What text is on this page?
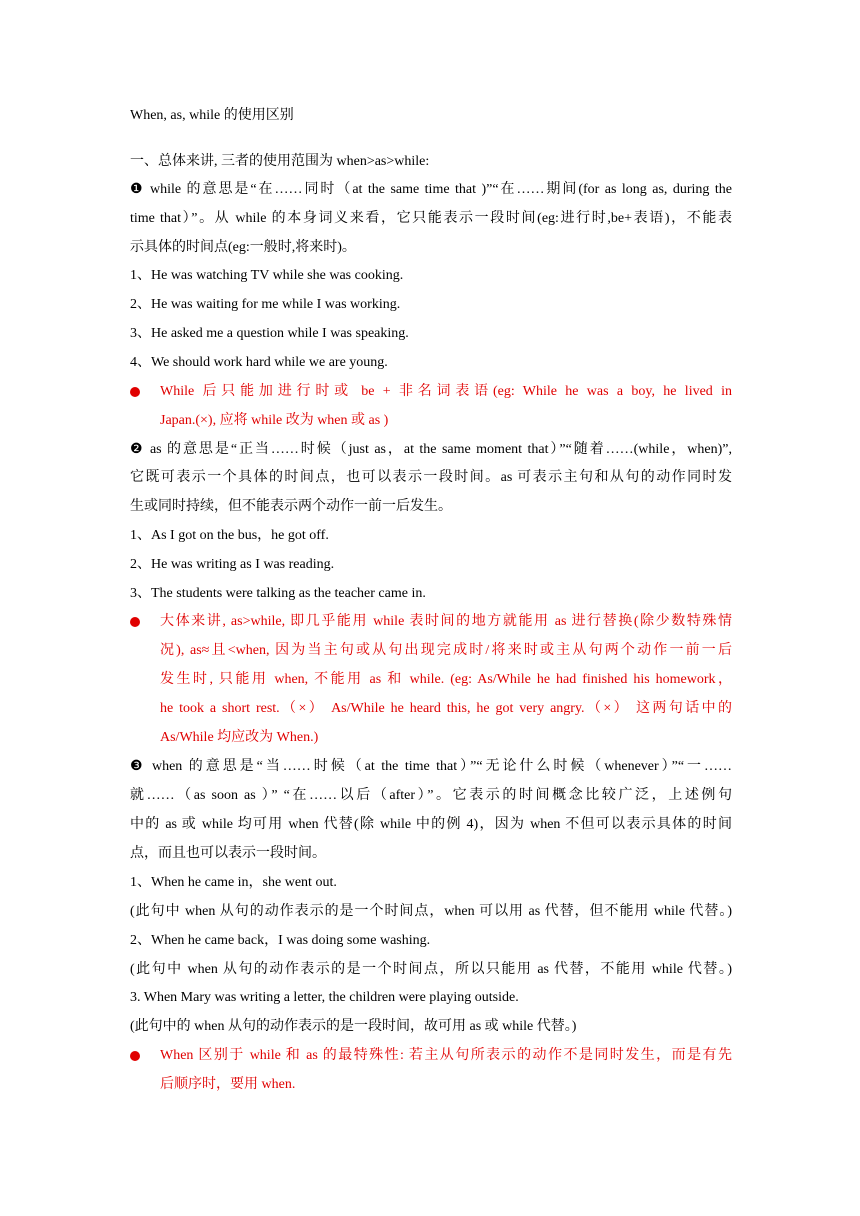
When, as, while 的使用区别
一、总体来讲, 三者的使用范围为 when>as>while:
❶ while 的意思是“在……同时（at the same time that )”“在……期间(for as long as, during the
time that）”。从 while 的本身词义来看，它只能表示一段时间(eg:进行时,be+表语)，不能表
示具体的时间点(eg:一般时,将来时)。
1、He was watching TV while she was cooking.
2、He was waiting for me while I was working.
3、He asked me a question while I was speaking.
4、We should work hard while we are young.
While 后只能加进行时或 be + 非名词表语(eg: While he was a boy, he lived in
Japan.(×), 应将 while 改为 when 或 as )
❷ as 的意思是“正当……时候（just as，at the same moment that）”“随着……(while，when)”,
它既可表示一个具体的时间点，也可以表示一段时间。as 可表示主句和从句的动作同时发
生或同时持续，但不能表示两个动作一前一后发生。
1、As I got on the bus，he got off.
2、He was writing as I was reading.
3、The students were talking as the teacher came in.
大体来讲, as>while, 即几乎能用 while 表时间的地方就能用 as 进行替换(除少数特殊情
况), as≈且<when, 因为当主句或从句出现完成时/将来时或主从句两个动作一前一后
发生时, 只能用 when, 不能用 as 和 while. (eg: As/While he had finished his homework，
he took a short rest.（×） As/While he heard this, he got very angry.（×） 这两句话中的
As/While 均应改为 When.)
❸ when 的意思是“当……时候（at the time that）”“无论什么时候（whenever）”“一……
就……（as soon as ）” “在……以后（after）”。它表示的时间概念比较广泛，上述例句
中的 as 或 while 均可用 when 代替(除 while 中的例 4)，因为 when 不但可以表示具体的时间
点，而且也可以表示一段时间。
1、When he came in，she went out.
(此句中 when 从句的动作表示的是一个时间点，when 可以用 as 代替，但不能用 while 代替。)
2、When he came back，I was doing some washing.
(此句中 when 从句的动作表示的是一个时间点，所以只能用 as 代替，不能用 while 代替。)
3. When Mary was writing a letter, the children were playing outside.
(此句中的 when 从句的动作表示的是一段时间，故可用 as 或 while 代替。)
When 区别于 while 和 as 的最特殊性: 若主从句所表示的动作不是同时发生，而是有先
后顺序时，要用 when.
